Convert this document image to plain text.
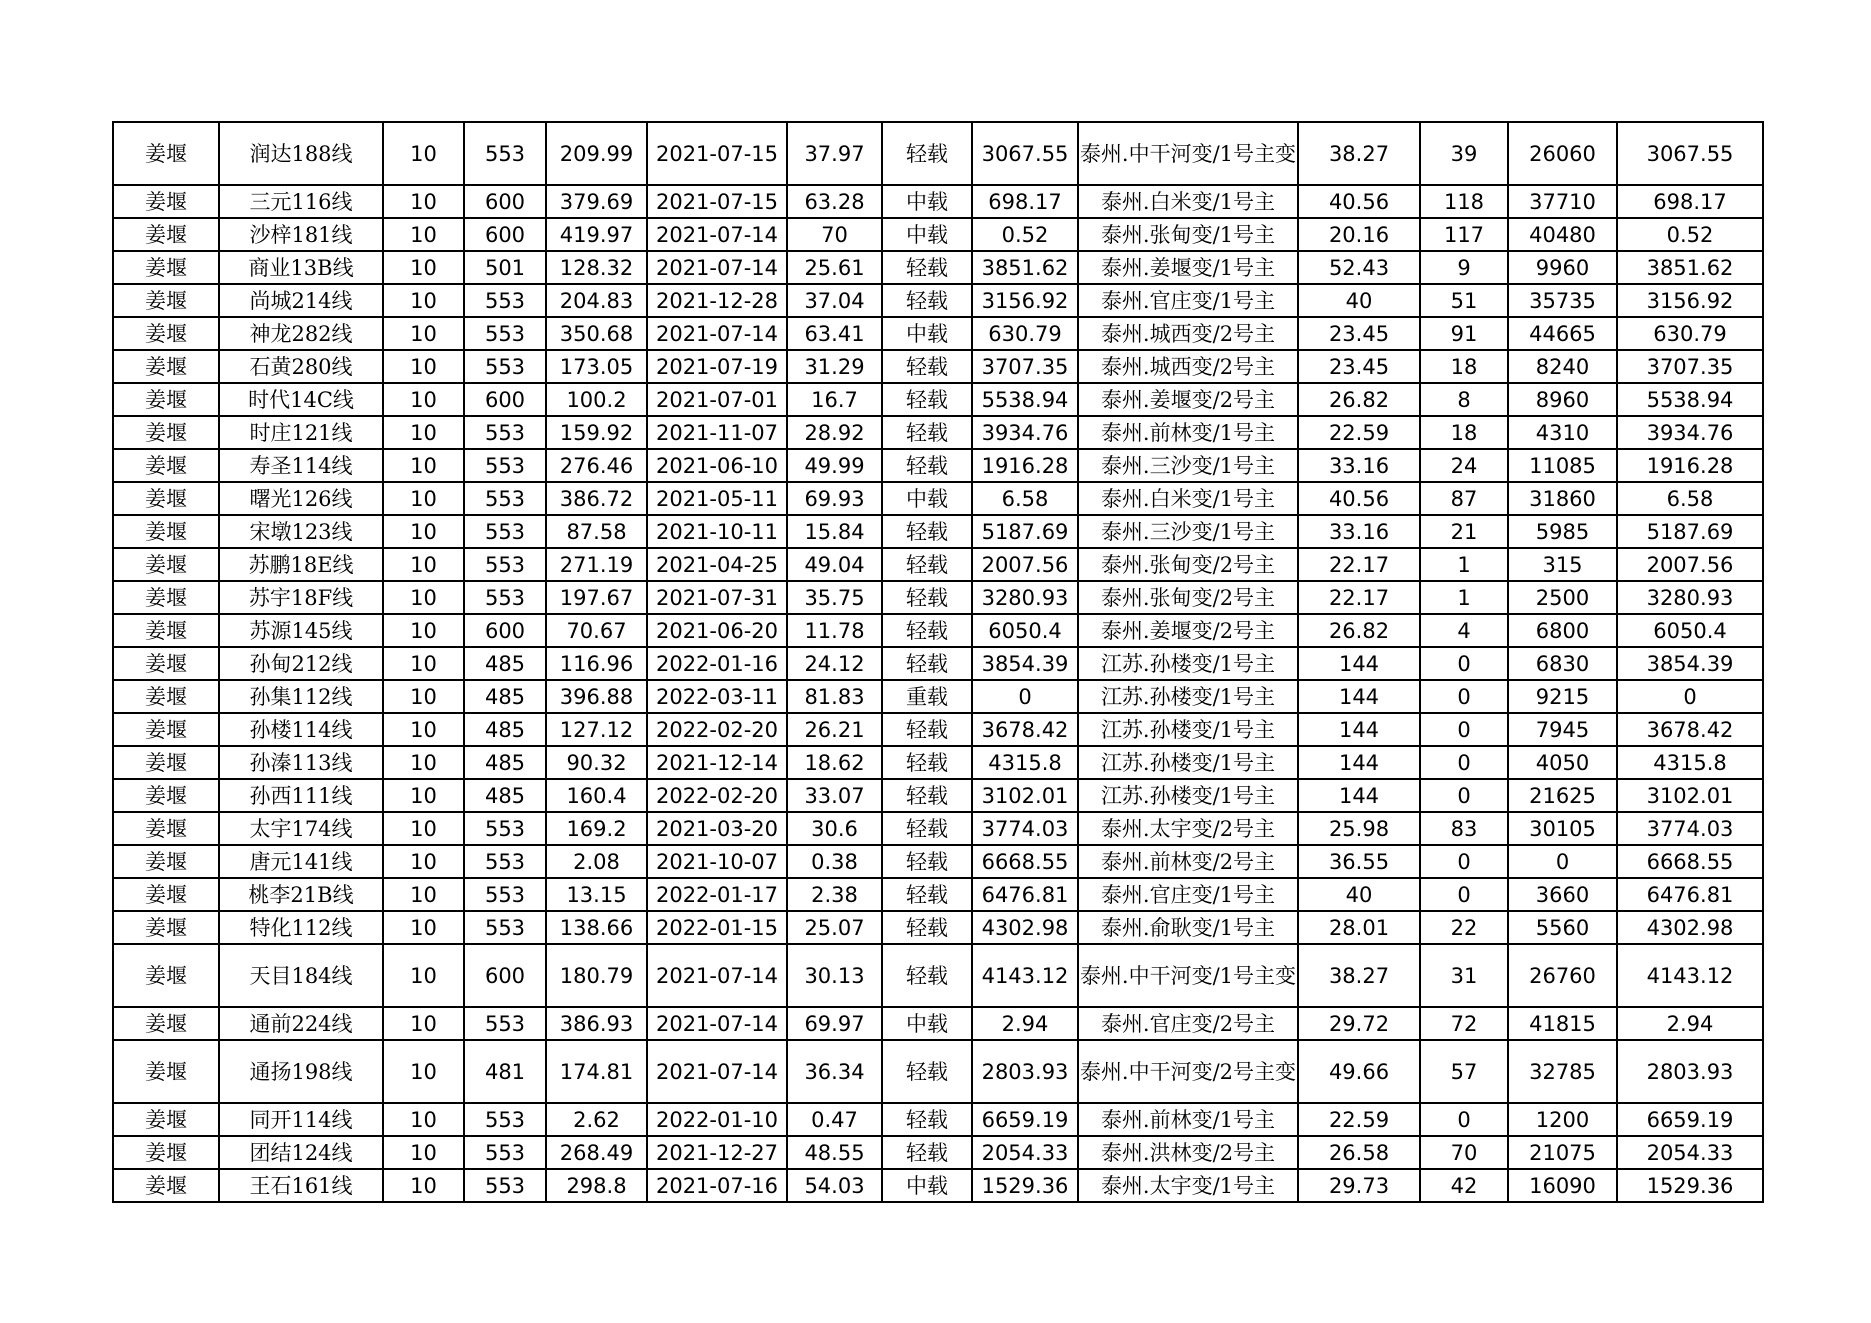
姜堰	润达188线	10	553	209.99	2021-07-15	37.97	轻载	3067.55	泰州.中干河变/1号主变	38.27	39	26060	3067.55
姜堰	三元116线	10	600	379.69	2021-07-15	63.28	中载	698.17	泰州.白米变/1号主	40.56	118	37710	698.17
姜堰	沙梓181线	10	600	419.97	2021-07-14	70	中载	0.52	泰州.张甸变/1号主	20.16	117	40480	0.52
姜堰	商业13B线	10	501	128.32	2021-07-14	25.61	轻载	3851.62	泰州.姜堰变/1号主	52.43	9	9960	3851.62
姜堰	尚城214线	10	553	204.83	2021-12-28	37.04	轻载	3156.92	泰州.官庄变/1号主	40	51	35735	3156.92
姜堰	神龙282线	10	553	350.68	2021-07-14	63.41	中载	630.79	泰州.城西变/2号主	23.45	91	44665	630.79
姜堰	石黄280线	10	553	173.05	2021-07-19	31.29	轻载	3707.35	泰州.城西变/2号主	23.45	18	8240	3707.35
姜堰	时代14C线	10	600	100.2	2021-07-01	16.7	轻载	5538.94	泰州.姜堰变/2号主	26.82	8	8960	5538.94
姜堰	时庄121线	10	553	159.92	2021-11-07	28.92	轻载	3934.76	泰州.前林变/1号主	22.59	18	4310	3934.76
姜堰	寿圣114线	10	553	276.46	2021-06-10	49.99	轻载	1916.28	泰州.三沙变/1号主	33.16	24	11085	1916.28
姜堰	曙光126线	10	553	386.72	2021-05-11	69.93	中载	6.58	泰州.白米变/1号主	40.56	87	31860	6.58
姜堰	宋墩123线	10	553	87.58	2021-10-11	15.84	轻载	5187.69	泰州.三沙变/1号主	33.16	21	5985	5187.69
姜堰	苏鹏18E线	10	553	271.19	2021-04-25	49.04	轻载	2007.56	泰州.张甸变/2号主	22.17	1	315	2007.56
姜堰	苏宇18F线	10	553	197.67	2021-07-31	35.75	轻载	3280.93	泰州.张甸变/2号主	22.17	1	2500	3280.93
姜堰	苏源145线	10	600	70.67	2021-06-20	11.78	轻载	6050.4	泰州.姜堰变/2号主	26.82	4	6800	6050.4
姜堰	孙甸212线	10	485	116.96	2022-01-16	24.12	轻载	3854.39	江苏.孙楼变/1号主	144	0	6830	3854.39
姜堰	孙集112线	10	485	396.88	2022-03-11	81.83	重载	0	江苏.孙楼变/1号主	144	0	9215	0
姜堰	孙楼114线	10	485	127.12	2022-02-20	26.21	轻载	3678.42	江苏.孙楼变/1号主	144	0	7945	3678.42
姜堰	孙溱113线	10	485	90.32	2021-12-14	18.62	轻载	4315.8	江苏.孙楼变/1号主	144	0	4050	4315.8
姜堰	孙西111线	10	485	160.4	2022-02-20	33.07	轻载	3102.01	江苏.孙楼变/1号主	144	0	21625	3102.01
姜堰	太宇174线	10	553	169.2	2021-03-20	30.6	轻载	3774.03	泰州.太宇变/2号主	25.98	83	30105	3774.03
姜堰	唐元141线	10	553	2.08	2021-10-07	0.38	轻载	6668.55	泰州.前林变/2号主	36.55	0	0	6668.55
姜堰	桃李21B线	10	553	13.15	2022-01-17	2.38	轻载	6476.81	泰州.官庄变/1号主	40	0	3660	6476.81
姜堰	特化112线	10	553	138.66	2022-01-15	25.07	轻载	4302.98	泰州.俞耿变/1号主	28.01	22	5560	4302.98
姜堰	天目184线	10	600	180.79	2021-07-14	30.13	轻载	4143.12	泰州.中干河变/1号主变	38.27	31	26760	4143.12
姜堰	通前224线	10	553	386.93	2021-07-14	69.97	中载	2.94	泰州.官庄变/2号主	29.72	72	41815	2.94
姜堰	通扬198线	10	481	174.81	2021-07-14	36.34	轻载	2803.93	泰州.中干河变/2号主变	49.66	57	32785	2803.93
姜堰	同开114线	10	553	2.62	2022-01-10	0.47	轻载	6659.19	泰州.前林变/1号主	22.59	0	1200	6659.19
姜堰	团结124线	10	553	268.49	2021-12-27	48.55	轻载	2054.33	泰州.洪林变/2号主	26.58	70	21075	2054.33
姜堰	王石161线	10	553	298.8	2021-07-16	54.03	中载	1529.36	泰州.太宇变/1号主	29.73	42	16090	1529.36
